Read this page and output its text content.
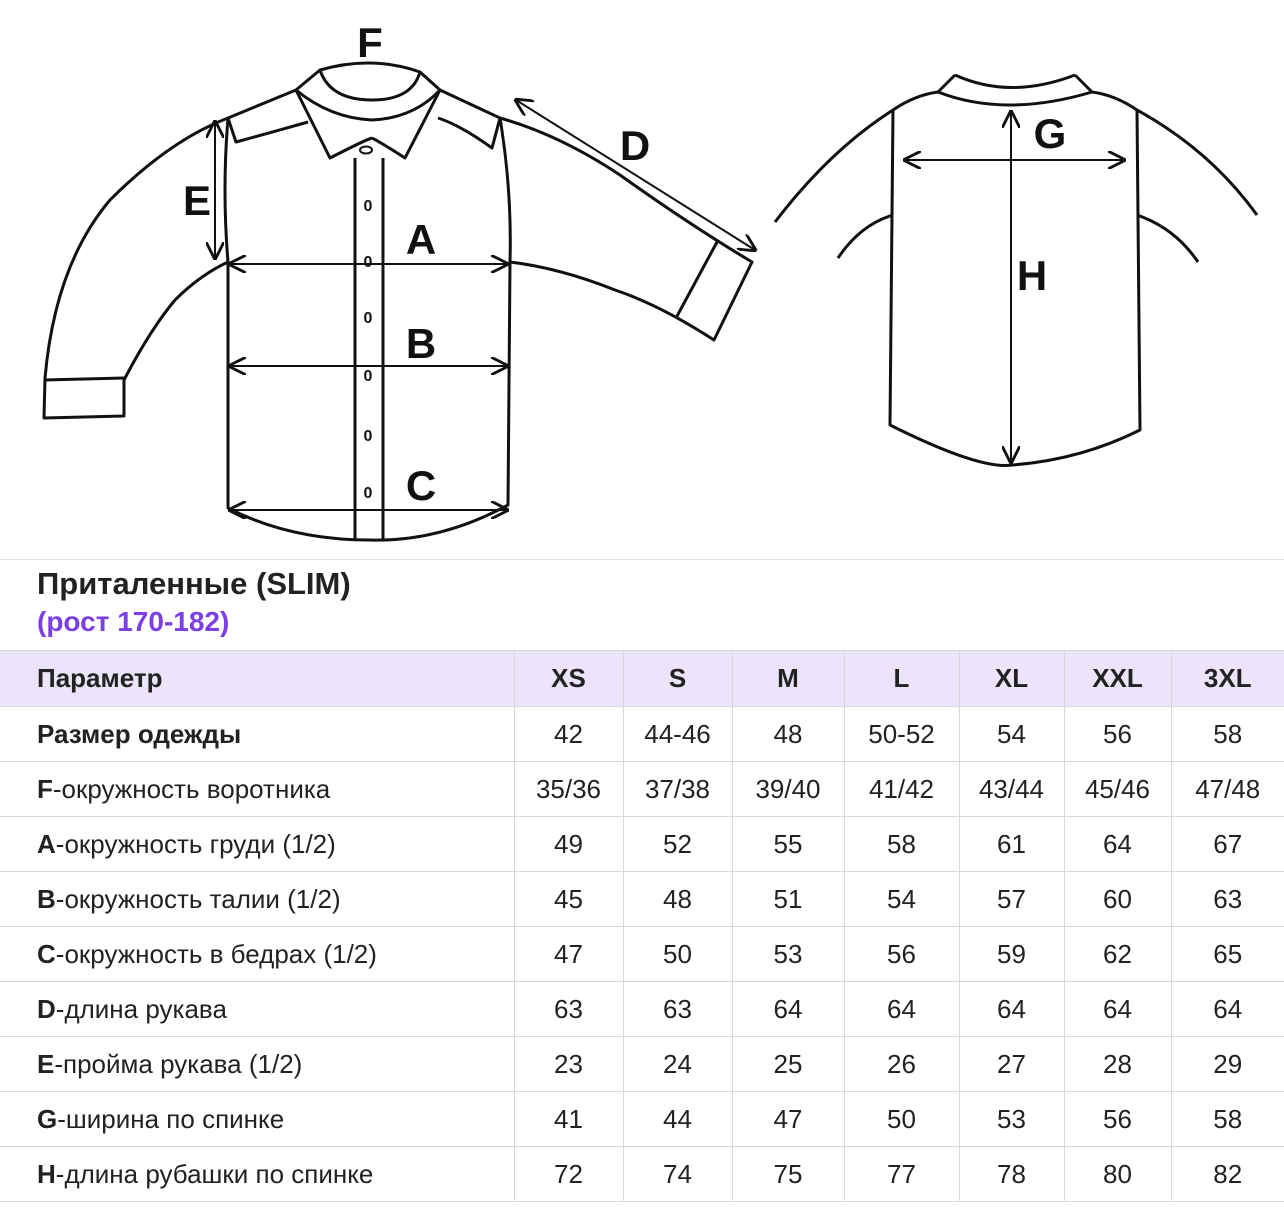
0
0
0
0
0
0
F
D
E
A
B
C
G
H
Приталенные (SLIM)
(рост 170-182)
Параметр	XS	S	M	L	XL	XXL	3XL
Размер одежды	42	44-46	48	50-52	54	56	58
F-окружность воротника	35/36	37/38	39/40	41/42	43/44	45/46	47/48
A-окружность груди (1/2)	49	52	55	58	61	64	67
B-окружность талии (1/2)	45	48	51	54	57	60	63
C-окружность в бедрах (1/2)	47	50	53	56	59	62	65
D-длина рукава	63	63	64	64	64	64	64
E-пройма рукава (1/2)	23	24	25	26	27	28	29
G-ширина по спинке	41	44	47	50	53	56	58
H-длина рубашки по спинке	72	74	75	77	78	80	82
